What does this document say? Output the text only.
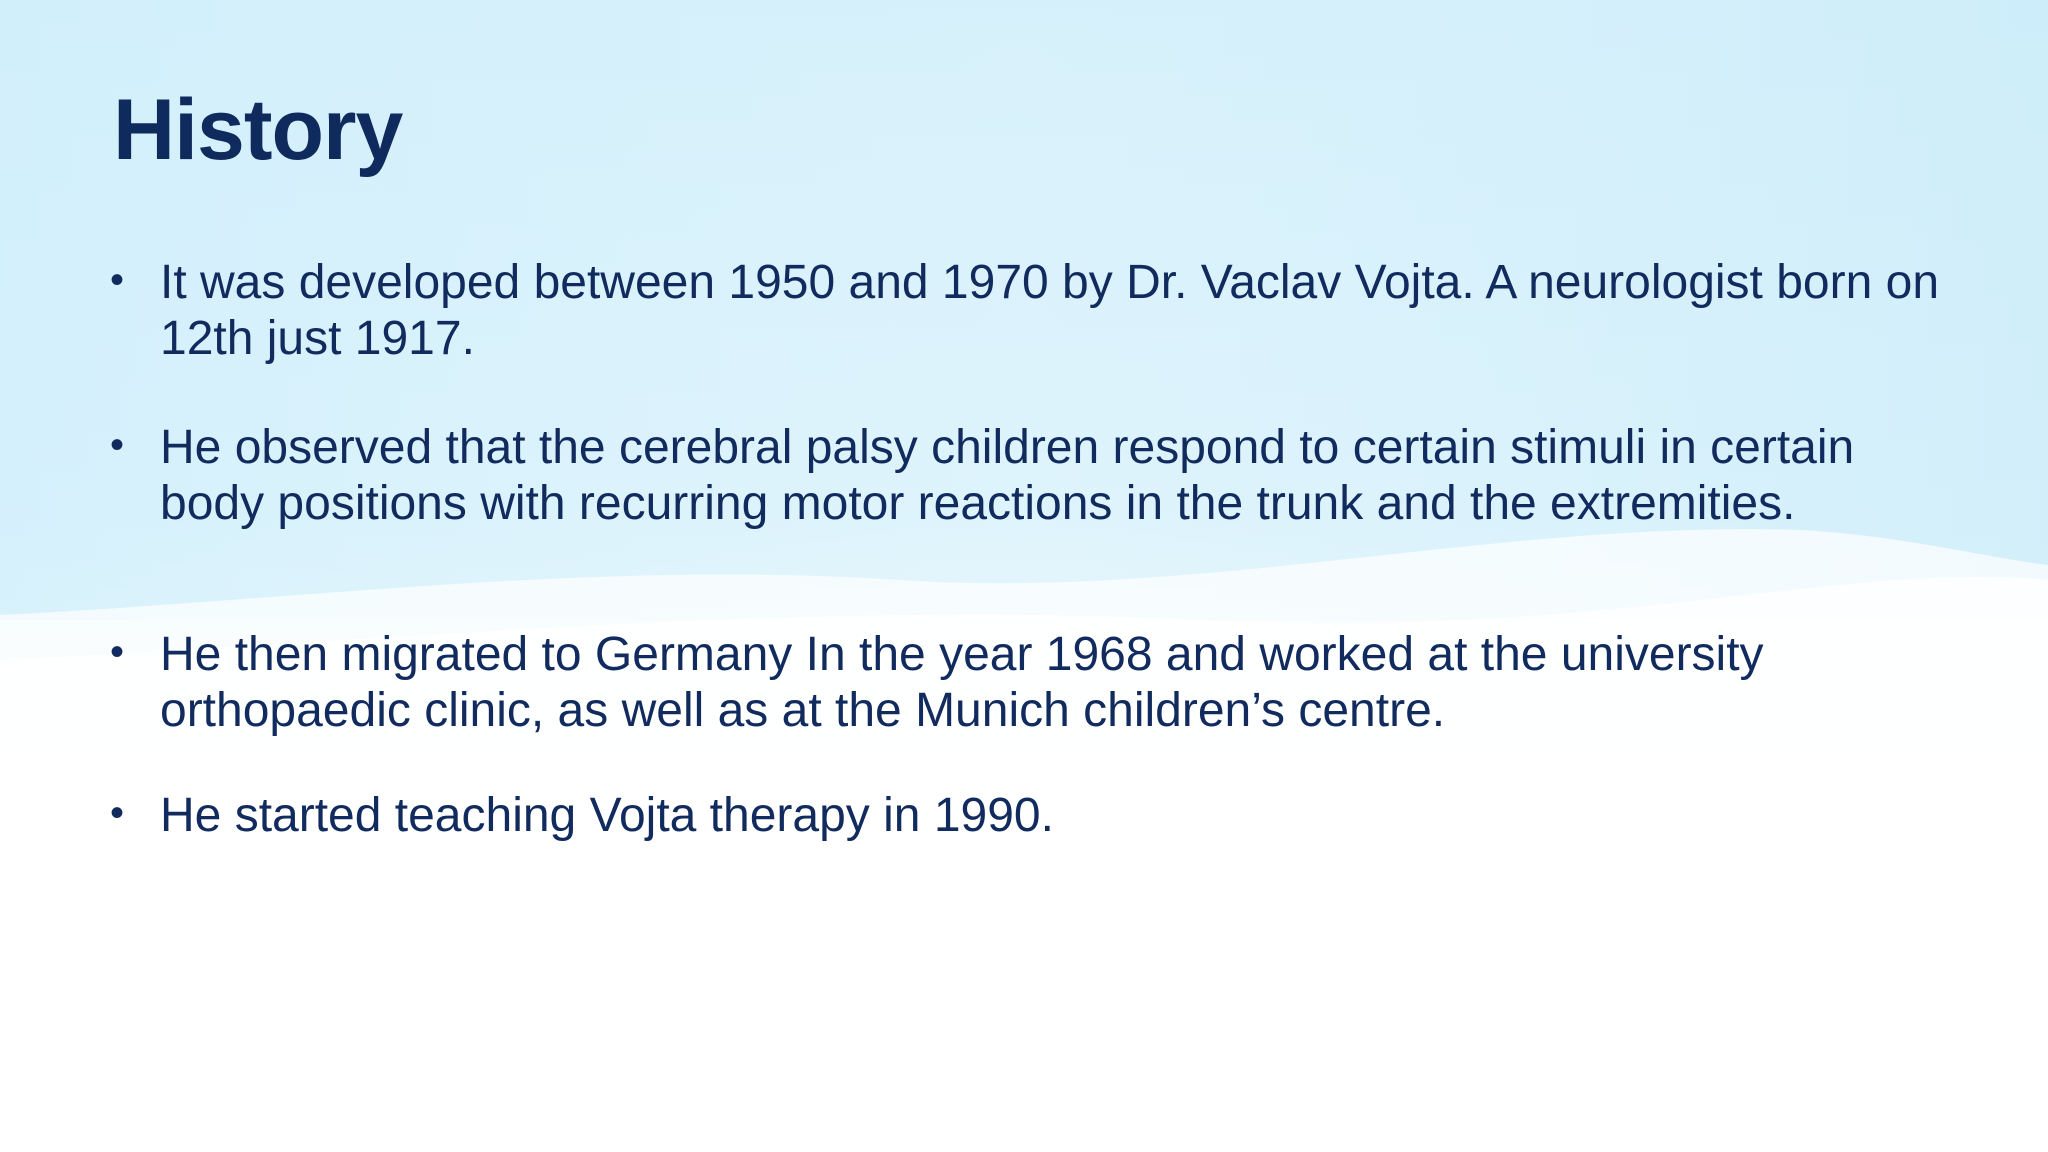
History
• It was developed between 1950 and 1970 by Dr. Vaclav Vojta. A neurologist born on 12th just 1917.
• He observed that the cerebral palsy children respond to certain stimuli in certain body positions with recurring motor reactions in the trunk and the extremities.
• He then migrated to Germany In the year 1968 and worked at the university orthopaedic clinic, as well as at the Munich children’s centre.
• He started teaching Vojta therapy in 1990.
